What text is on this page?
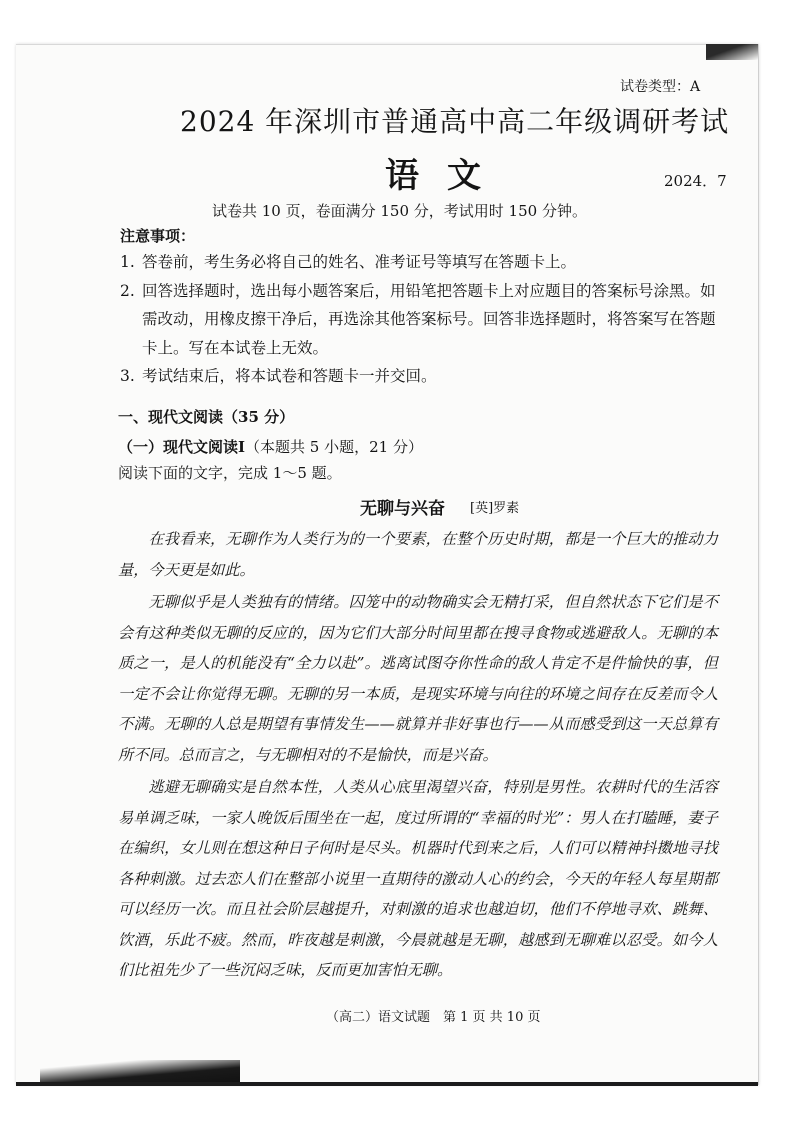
试卷类型：A
2024 年深圳市普通高中高二年级调研考试
语文	2024．7
试卷共 10 页，卷面满分 150 分，考试用时 150 分钟。
注意事项：
1. 答卷前，考生务必将自己的姓名、准考证号等填写在答题卡上。
2. 回答选择题时，选出每小题答案后，用铅笔把答题卡上对应题目的答案标号涂黑。如需改动，用橡皮擦干净后，再选涂其他答案标号。回答非选择题时，将答案写在答题卡上。写在本试卷上无效。
3. 考试结束后，将本试卷和答题卡一并交回。
一、现代文阅读（35 分）
（一）现代文阅读Ⅰ（本题共 5 小题，21 分）
阅读下面的文字，完成 1～5 题。
无聊与兴奋 [英]罗素

在我看来，无聊作为人类行为的一个要素，在整个历史时期，都是一个巨大的推动力量，今天更是如此。

无聊似乎是人类独有的情绪。囚笼中的动物确实会无精打采，但自然状态下它们是不会有这种类似无聊的反应的，因为它们大部分时间里都在搜寻食物或逃避敌人。无聊的本质之一，是人的机能没有“全力以赴”。逃离试图夺你性命的敌人肯定不是件愉快的事，但一定不会让你觉得无聊。无聊的另一本质，是现实环境与向往的环境之间存在反差而令人不满。无聊的人总是期望有事情发生——就算并非好事也行——从而感受到这一天总算有所不同。总而言之，与无聊相对的不是愉快，而是兴奋。

逃避无聊确实是自然本性，人类从心底里渴望兴奋，特别是男性。农耕时代的生活容易单调乏味，一家人晚饭后围坐在一起，度过所谓的“幸福的时光”：男人在打瞌睡，妻子在编织，女儿则在想这种日子何时是尽头。机器时代到来之后，人们可以精神抖擞地寻找各种刺激。过去恋人们在整部小说里一直期待的激动人心的约会，今天的年轻人每星期都可以经历一次。而且社会阶层越提升，对刺激的追求也越迫切，他们不停地寻欢、跳舞、饮酒，乐此不疲。然而，昨夜越是刺激，今晨就越是无聊，越感到无聊难以忍受。如今人们比祖先少了一些沉闷乏味，反而更加害怕无聊。

（高二）语文试题　第 1 页 共 10 页
